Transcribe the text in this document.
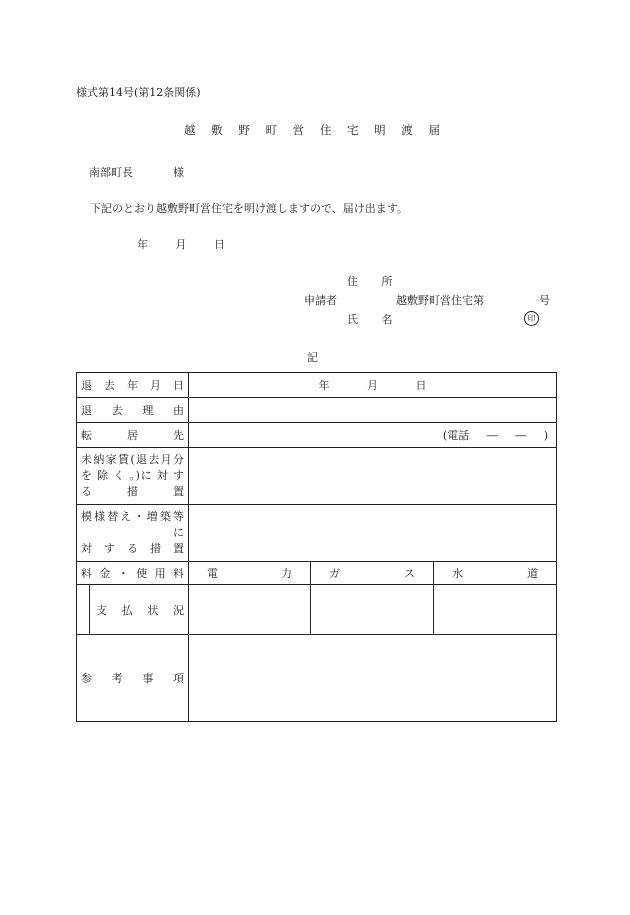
様式第14号(第12条関係)
越 敷 野 町 営 住 宅 明 渡 届
南部町長	様
下記のとおり越敷野町営住宅を明け渡しますので、届け出ます。
年 月 日
住 所
申請者	越敷野町営住宅第	号
氏 名	印
記
退 去 年 月 日	年 月 日		
退 去 理 由			
転 居 先	(電話 ― ― )		

未納家賃(退去月分
を 除 く 。)に 対 す
る 措 置			

模様替え・増築等
に
対 す る 措 置			

料 金 ・ 使 用 料	電 力	ガ ス	水 道

支 払 状 況			

参 考 事 項			
